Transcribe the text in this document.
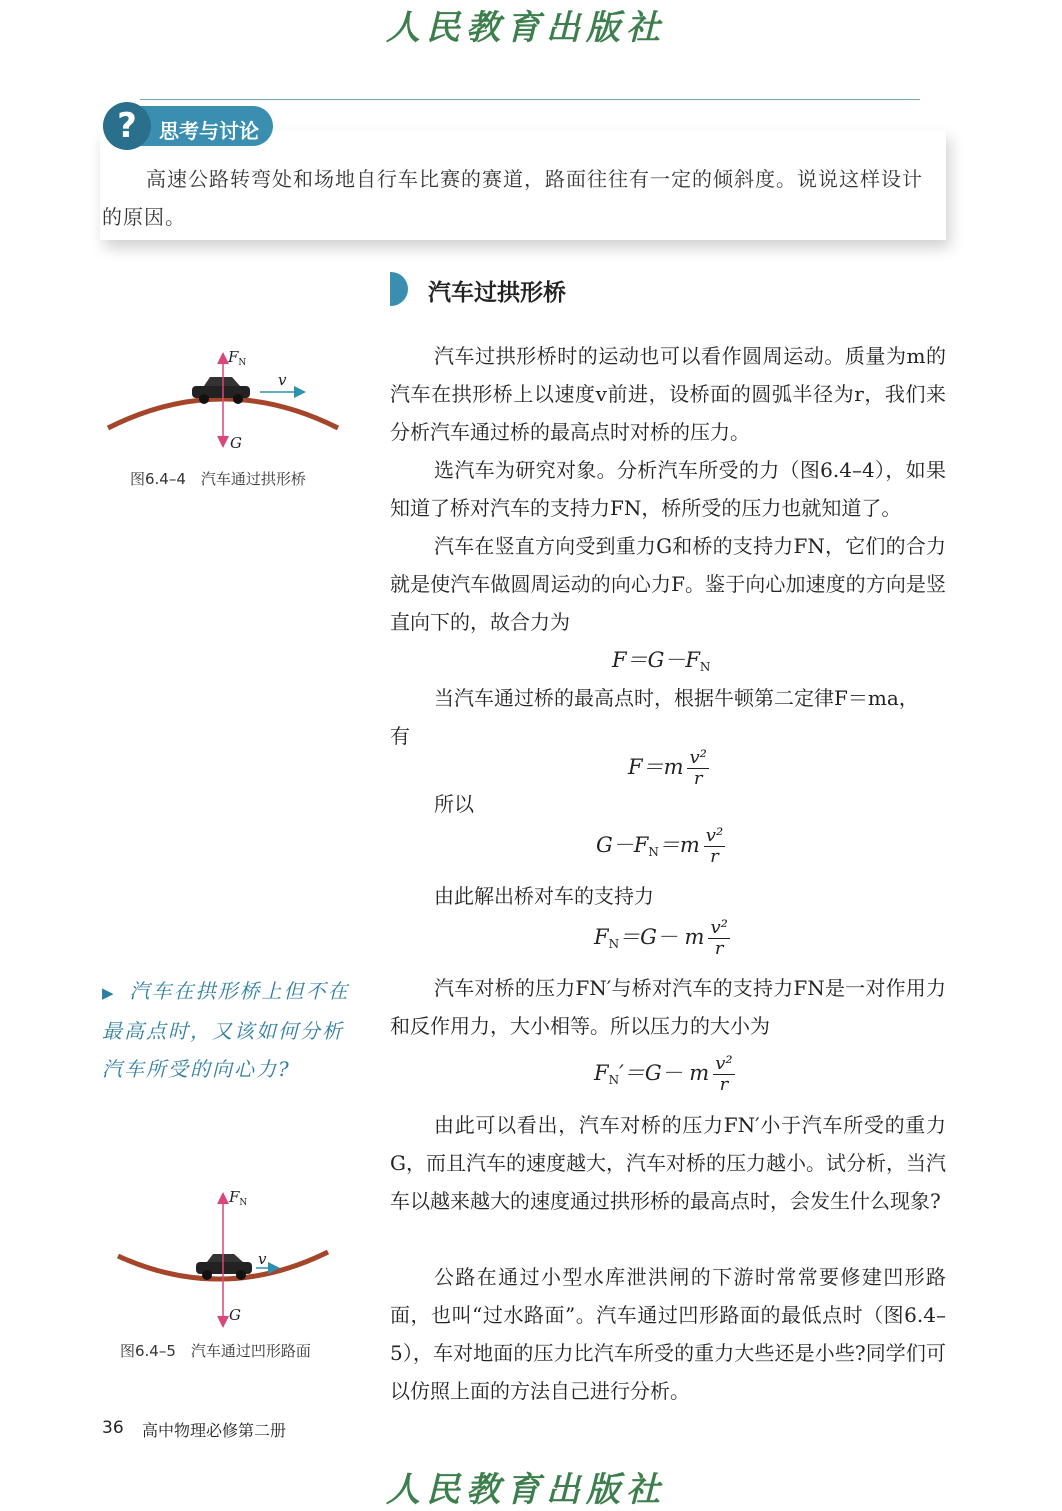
人民教育出版社
?	思考与讨论
高速公路转弯处和场地自行车比赛的赛道，路面往往有一定的倾斜度。说说这样设计的原因。
汽车过拱形桥
$F_N$
v
G
图6.4–4　汽车通过拱形桥
▶ 汽车在拱形桥上但不在最高点时，又该如何分析汽车所受的向心力?
$F_N$
v
G
图6.4–5　汽车通过凹形路面
汽车过拱形桥时的运动也可以看作圆周运动。质量为m的汽车在拱形桥上以速度v前进，设桥面的圆弧半径为r，我们来分析汽车通过桥的最高点时对桥的压力。
选汽车为研究对象。分析汽车所受的力（图6.4–4），如果知道了桥对汽车的支持力FN，桥所受的压力也就知道了。
汽车在竖直方向受到重力G和桥的支持力FN，它们的合力就是使汽车做圆周运动的向心力F。鉴于向心加速度的方向是竖直向下的，故合力为
$F=G-F_N$
当汽车通过桥的最高点时，根据牛顿第二定律F＝ma，
有
$F=m \frac{\text{v²}}{r}$
所以
$G-F_N=m \frac{\text{v²}}{r}$
由此解出桥对车的支持力
$F_N=G- m \frac{\text{v²}}{r}$
汽车对桥的压力FN′与桥对汽车的支持力FN是一对作用力和反作用力，大小相等。所以压力的大小为
$F_N'=G- m \frac{\text{v²}}{r}$
由此可以看出，汽车对桥的压力FN′小于汽车所受的重力G，而且汽车的速度越大，汽车对桥的压力越小。试分析，当汽车以越来越大的速度通过拱形桥的最高点时，会发生什么现象?
公路在通过小型水库泄洪闸的下游时常常要修建凹形路面，也叫“过水路面”。汽车通过凹形路面的最低点时（图6.4–5），车对地面的压力比汽车所受的重力大些还是小些?同学们可以仿照上面的方法自己进行分析。
36 高中物理必修第二册
人民教育出版社
